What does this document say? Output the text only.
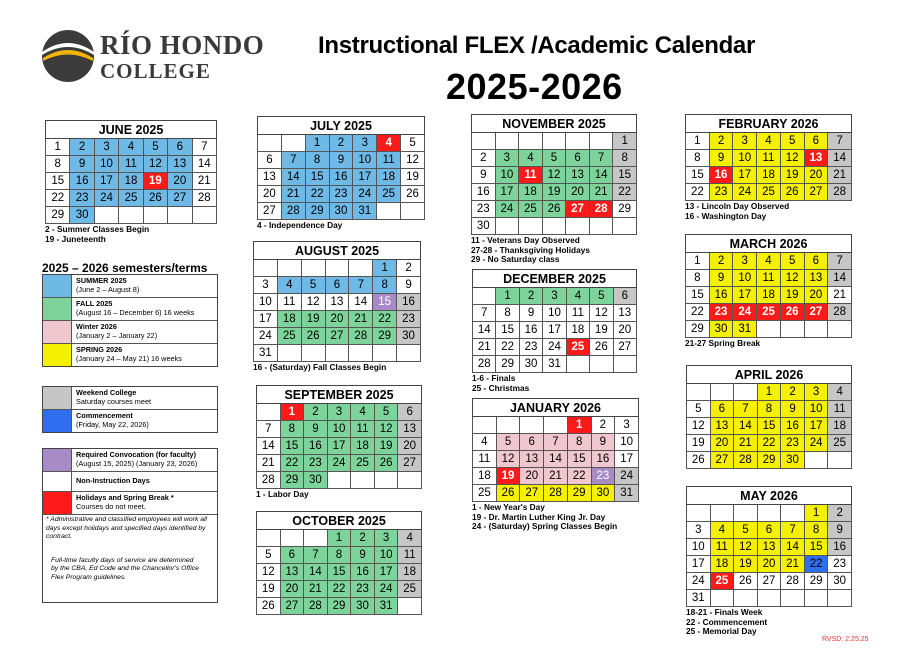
RÍO HONDO
COLLEGE
Instructional FLEX /Academic Calendar
2025-2026
JUNE 2025						
1	2	3	4	5	6	7
8	9	10	11	12	13	14
15	16	17	18	19	20	21
22	23	24	25	26	27	28
29	30					
2 - Summer Classes Begin
19 - Juneteenth
JULY 2025						
		1	2	3	4	5
6	7	8	9	10	11	12
13	14	15	16	17	18	19
20	21	22	23	24	25	26
27	28	29	30	31		
4 - Independence Day
AUGUST 2025						
					1	2
3	4	5	6	7	8	9
10	11	12	13	14	15	16
17	18	19	20	21	22	23
24	25	26	27	28	29	30
31						
16 - (Saturday) Fall Classes Begin
SEPTEMBER 2025						
	1	2	3	4	5	6
7	8	9	10	11	12	13
14	15	16	17	18	19	20
21	22	23	24	25	26	27
28	29	30				
1 - Labor Day
OCTOBER 2025						
			1	2	3	4
5	6	7	8	9	10	11
12	13	14	15	16	17	18
19	20	21	22	23	24	25
26	27	28	29	30	31	
NOVEMBER 2025						
						1
2	3	4	5	6	7	8
9	10	11	12	13	14	15
16	17	18	19	20	21	22
23	24	25	26	27	28	29
30						
11 - Veterans Day Observed
27-28 - Thanksgiving Holidays
29 - No Saturday class
DECEMBER 2025						
	1	2	3	4	5	6
7	8	9	10	11	12	13
14	15	16	17	18	19	20
21	22	23	24	25	26	27
28	29	30	31			
1-6 - Finals
25 - Christmas
JANUARY 2026						
				1	2	3
4	5	6	7	8	9	10
11	12	13	14	15	16	17
18	19	20	21	22	23	24
25	26	27	28	29	30	31
1 - New Year's Day
19 - Dr. Martin Luther King Jr. Day
24 - (Saturday) Spring Classes Begin
FEBRUARY 2026						
1	2	3	4	5	6	7
8	9	10	11	12	13	14
15	16	17	18	19	20	21
22	23	24	25	26	27	28
13 - Lincoln Day Observed
16 - Washington Day
MARCH 2026						
1	2	3	4	5	6	7
8	9	10	11	12	13	14
15	16	17	18	19	20	21
22	23	24	25	26	27	28
29	30	31				
21-27 Spring Break
APRIL 2026						
			1	2	3	4
5	6	7	8	9	10	11
12	13	14	15	16	17	18
19	20	21	22	23	24	25
26	27	28	29	30		
MAY 2026						
					1	2
3	4	5	6	7	8	9
10	11	12	13	14	15	16
17	18	19	20	21	22	23
24	25	26	27	28	29	30
31						
18-21 - Finals Week
22 - Commencement
25 - Memorial Day
2025 – 2026 semesters/terms
SUMMER 2025
(June 2 – August 8)
FALL 2025
(August 16 – December 6) 16 weeks
Winter 2026
(January 2 – January 22)
SPRING 2026
(January 24 – May 21) 16 weeks
Weekend College
Saturday courses meet
Commencement
(Friday, May 22, 2026)
Required Convocation (for faculty)
(August 15, 2025) (January 23, 2026)
Non-Instruction Days
Holidays and Spring Break *
Courses do not meet.
* Administrative and classified employees will work all days except holidays and specified days identified by contract.
Full-time faculty days of service are determined by the CBA, Ed Code and the Chancellor's Office Flex Program guidelines.
RVSD: 2.25.25
